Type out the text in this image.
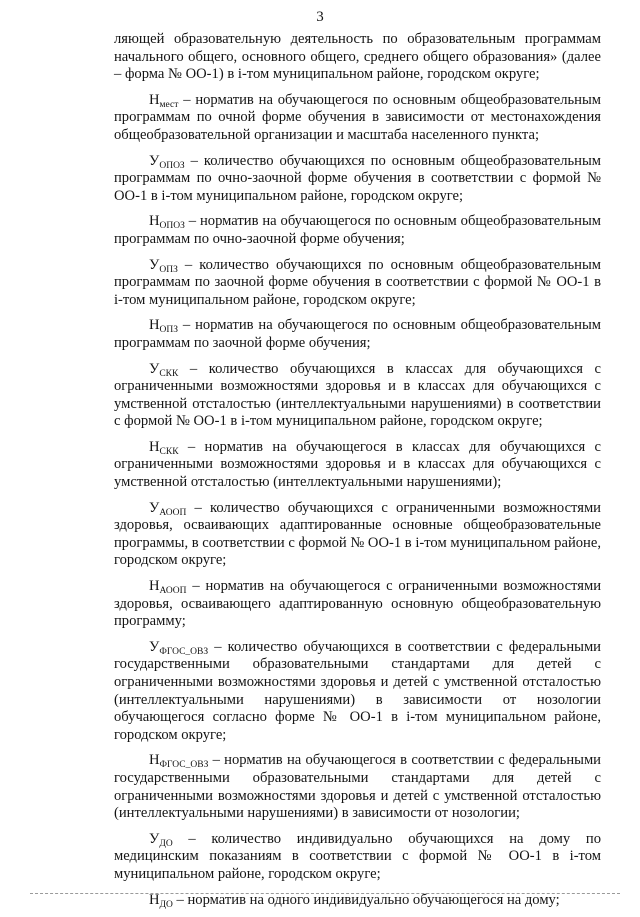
3

ляющей образовательную деятельность по образовательным программам начального общего, основного общего, среднего общего образования» (далее – форма № ОО-1) в i-том муниципальном районе, городском округе;

$Н_{мест}$ – норматив на обучающегося по основным общеобразовательным программам по очной форме обучения в зависимости от местонахождения общеобразовательной организации и масштаба населенного пункта;

$У_{ОПОЗ}$ – количество обучающихся по основным общеобразовательным программам по очно-заочной форме обучения в соответствии с формой № ОО-1 в i-том муниципальном районе, городском округе;

$Н_{ОПОЗ}$ – норматив на обучающегося по основным общеобразовательным программам по очно-заочной форме обучения;

$У_{ОПЗ}$ – количество обучающихся по основным общеобразовательным программам по заочной форме обучения в соответствии с формой № ОО-1 в i-том муниципальном районе, городском округе;

$Н_{ОПЗ}$ – норматив на обучающегося по основным общеобразовательным программам по заочной форме обучения;

$У_{СКК}$ – количество обучающихся в классах для обучающихся с ограниченными возможностями здоровья и в классах для обучающихся с умственной отсталостью (интеллектуальными нарушениями) в соответствии с формой № ОО-1 в i-том муниципальном районе, городском округе;

$Н_{СКК}$ – норматив на обучающегося в классах для обучающихся с ограниченными возможностями здоровья и в классах для обучающихся с умственной отсталостью (интеллектуальными нарушениями);

$У_{АООП}$ – количество обучающихся с ограниченными возможностями здоровья, осваивающих адаптированные основные общеобразовательные программы, в соответствии с формой № ОО-1 в i-том муниципальном районе, городском округе;

$Н_{АООП}$ – норматив на обучающегося с ограниченными возможностями здоровья, осваивающего адаптированную основную общеобразовательную программу;

$У_{ФГОС\_ОВЗ}$ – количество обучающихся в соответствии с федеральными государственными образовательными стандартами для детей с ограниченными возможностями здоровья и детей с умственной отсталостью (интеллектуальными нарушениями) в зависимости от нозологии обучающегося согласно форме № ОО-1 в i-том муниципальном районе, городском округе;

$Н_{ФГОС\_ОВЗ}$ – норматив на обучающегося в соответствии с федеральными государственными образовательными стандартами для детей с ограниченными возможностями здоровья и детей с умственной отсталостью (интеллектуальными нарушениями) в зависимости от нозологии;

$У_{ДО}$ – количество индивидуально обучающихся на дому по медицинским показаниям в соответствии с формой № ОО-1 в i-том муниципальном районе, городском округе;

$Н_{ДО}$ – норматив на одного индивидуально обучающегося на дому;
